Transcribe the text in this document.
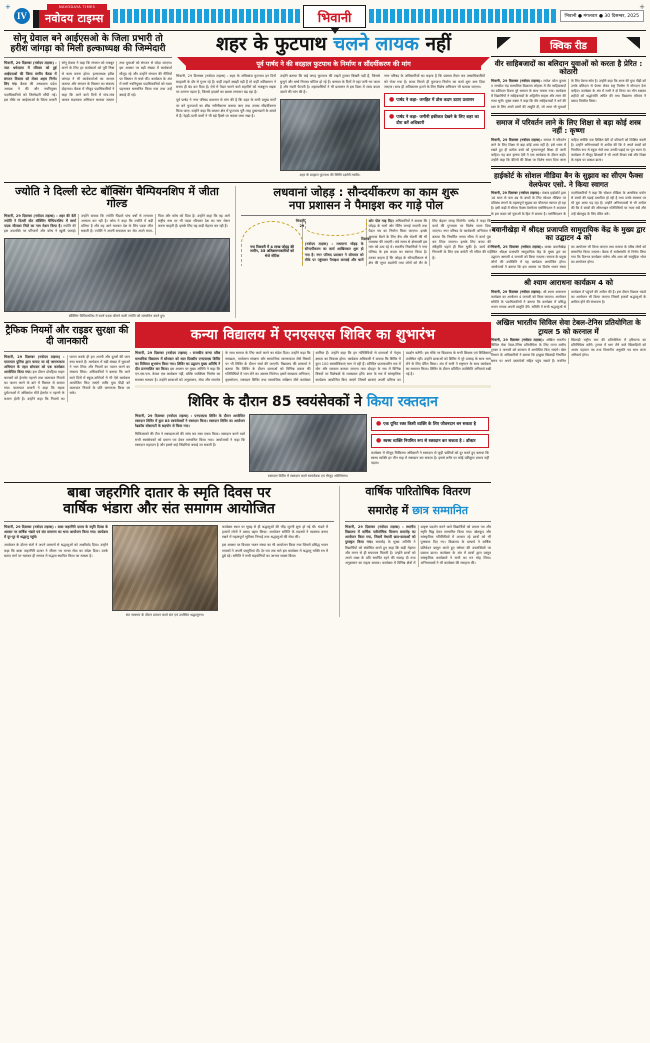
+	+
IV
NAVODAYA TIMES
नवोदय टाइम्स	भिवानी	भिवानी ● मंगलवार ● 30 दिसम्बर, 2025
क्विक रीड
वीर साहिबजादों का बलिदान युवाओं को करता है प्रेरित : कोठारी
भिवानी, 29 दिसम्बर (नवोदय टाइम्स): राजेश पटेल कुमार व जगदीश चंद्र माध्यमिक विद्यालय लोहारू में वीर साहिबजादों का बलिदान दिवस पूरे सम्मान के साथ मनाया गया। कार्यक्रम में विद्यार्थियों ने साहिबजादों के अद्वितीय साहस और त्याग की गाथा सुनी। मुख्य वक्ता ने कहा कि वीर साहिबजादों ने धर्म की रक्षा के लिए अपने प्राणों की आहुति दी, जो आज भी युवाओं के लिए प्रेरणा स्रोत है। उन्होंने कहा कि आज की युवा पीढ़ी को उनके बलिदान से प्रेरणा लेकर राष्ट्र निर्माण में योगदान देना चाहिए। कार्यक्रम के अंत में सभी ने दो मिनट का मौन रखकर शहीदों को श्रद्धांजलि अर्पित की तथा विद्यालय परिवार ने प्रसाद वितरित किया।
समाज में परिवर्तन लाने के लिए शिक्षा से बड़ा कोई शस्त्र नहीं : कृष्णा
भिवानी, 29 दिसम्बर (नवोदय टाइम्स): समाज में परिवर्तन लाने के लिए शिक्षा से बड़ा कोई शस्त्र नहीं है। इसे ध्यान में रखते हुए ही प्रत्येक बच्चे को गुणवत्तापूर्ण शिक्षा दी जानी चाहिए। यह बात कृष्णा देवी ने एक कार्यक्रम के दौरान कही। उन्होंने कहा कि बेटियों की शिक्षा पर विशेष ध्यान दिया जाना चाहिए क्योंकि एक शिक्षित बेटी दो परिवारों को शिक्षित करती है। उन्होंने अभिभावकों से अपील की कि वे अपने बच्चों को नियमित रूप से स्कूल भेजें तथा उनकी पढ़ाई पर पूरा ध्यान दें। कार्यक्रम में मौजूद शिक्षकों ने भी अपने विचार रखे और शिक्षा के महत्व पर प्रकाश डाला।
हाईकोर्ट के सोशल मीडिया बैन के सुझाव का सीएम फैक्स वेलफेयर एसो. ने किया स्वागत
भिवानी, 29 दिसम्बर (नवोदय टाइम्स): पंजाब हाईकोर्ट द्वारा 16 साल से कम उम्र के बच्चों के लिए सोशल मीडिया पर प्रतिबंध लगाने के महत्वपूर्ण सुझाव का चौतरफा स्वागत हो रहा है। इसी कड़ी में सीएम फैक्स वेलफेयर एसोसिएशन ने अदालत के इस कदम को युवाओं के हित में बताया है। एसोसिएशन के पदाधिकारियों ने कहा कि सोशल मीडिया के अत्यधिक प्रयोग से बच्चों की पढ़ाई प्रभावित हो रही है तथा उनके स्वास्थ्य पर भी बुरा असर पड़ रहा है। उन्होंने अभिभावकों से भी अपील की कि वे बच्चों की ऑनलाइन गतिविधियों पर नजर रखें और उन्हें खेलकूद के लिए प्रेरित करें।
बवानीखेड़ा में श्रीदक्ष प्रजापति सामुदायिक केंद्र के मुख्य द्वार का उद्घाटन 4 को
भिवानी, 29 दिसम्बर (नवोदय टाइम्स): कस्बा बवानीखेड़ा स्थित श्रीदक्ष प्रजापति सामुदायिक केंद्र के मुख्य द्वार का उद्घाटन आगामी 4 जनवरी को किया जाएगा। समाज के प्रमुख लोगों की उपस्थिति में यह कार्यक्रम आयोजित होगा। आयोजकों ने बताया कि इस अवसर पर विशेष भजन संध्या का आयोजन भी किया जाएगा तथा समाज के वरिष्ठ लोगों को सम्मानित किया जाएगा। बैठक में सर्वसम्मति से निर्णय लिया गया कि दिनभर कार्यक्रम चलेगा और शाम को सामूहिक भोज का आयोजन होगा।
श्री श्याम आराधना कार्यक्रम 4 को
भिवानी, 29 दिसम्बर (नवोदय टाइम्स): श्री श्याम आराधना कार्यक्रम का आयोजन 4 जनवरी को किया जाएगा। आयोजन समिति के पदाधिकारियों ने बताया कि कार्यक्रम में प्रसिद्ध भजन गायक अपनी प्रस्तुति देंगे। समिति ने सभी श्रद्धालुओं से कार्यक्रम में पहुंचने की अपील की है। इस दौरान विशाल भंडारे का आयोजन भी किया जाएगा जिसमें हजारों श्रद्धालुओं के शामिल होने की संभावना है।
अखिल भारतीय सिविल सेवा टेबल-टेनिस प्रतियोगिता के ट्रायल 5 को करनाल में
भिवानी, 29 दिसम्बर (नवोदय टाइम्स): अखिल भारतीय सिविल सेवा टेबल-टेनिस प्रतियोगिता के लिए राज्य स्तरीय ट्रायल 5 जनवरी को करनाल में आयोजित किए जाएंगे। खेल विभाग के अधिकारियों ने बताया कि इच्छुक खिलाड़ी निर्धारित समय पर अपने दस्तावेजों सहित पहुंच सकते हैं। चयनित खिलाड़ी राष्ट्रीय स्तर की प्रतियोगिता में हरियाणा का प्रतिनिधित्व करेंगे। ट्रायल में भाग लेने वाले खिलाड़ियों को अपना पहचान पत्र तथा विभागीय अनुमति पत्र साथ लाना अनिवार्य होगा।
सोनू ग्रेवाल बने आईएसओ के जिला प्रभारी तो हरीश जांगड़ा को मिली हल्काध्यक्ष की जिम्मेदारी
भिवानी, 29 दिसम्बर (नवोदय टाइम्स) : जाट धर्मशाला में रविवार को हुई आईएसओ की जिला स्तरीय बैठक में संगठन विस्तार को लेकर अहम निर्णय लिए गए। बैठक की अध्यक्षता प्रदेश अध्यक्ष ने की और नवनियुक्त पदाधिकारियों को जिम्मेदारी सौंपी गई। इस मौके पर आईएसओ के जिला प्रभारी सोनू ग्रेवाल ने कहा कि संगठन को मजबूत करने के लिए हर कार्यकर्ता को पूरी निष्ठा से काम करना होगा। हल्काध्यक्ष हरीश जांगड़ा ने भी कार्यकर्ताओं का आभार जताया और संगठन के विस्तार का संकल्प दोहराया। बैठक में मौजूद पदाधिकारियों ने कहा कि आने वाले दिनों में गांव-गांव जाकर सदस्यता अभियान चलाया जाएगा तथा युवाओं को संगठन से जोड़ा जाएगा। इस अवसर पर बड़ी संख्या में कार्यकर्ता मौजूद रहे और उन्होंने संगठन की नीतियों पर विस्तार से चर्चा की। कार्यक्रम के अंत में सभी नवनियुक्त पदाधिकारियों को माला पहनाकर सम्मानित किया गया तथा उन्हें बधाई दी गई।
शहर के फुटपाथ चलने लायक नहीं
पूर्व पार्षद ने की बदहाल फुटपाथ के निर्माण व सौंदर्यीकरण की मांग
भिवानी, 29 दिसम्बर (नवोदय टाइम्स) : शहर के अधिकांश फुटपाथ इन दिनों बदहाली के दौर से गुजर रहे हैं। कहीं टाइलें उखड़ी पड़ी हैं तो कहीं अतिक्रमण ने रास्ता ही बंद कर दिया है। ऐसे में पैदल चलने वाले राहगीरों को मजबूरन सड़क पर उतरना पड़ता है, जिससे हादसों का खतरा लगातार बढ़ रहा है।
पूर्व पार्षद ने नगर परिषद प्रशासन से मांग की है कि शहर के सभी प्रमुख मार्गों पर बने फुटपाथों का शीघ्र नवीनीकरण कराया जाए तथा उनका सौंदर्यीकरण किया जाए। उन्होंने कहा कि बाजार क्षेत्र में फुटपाथ पूरी तरह दुकानदारों के कब्जे में हैं। रेहड़ी-पटरी वालों ने भी बड़े हिस्से पर कब्जा जमा रखा है।
उन्होंने बताया कि कई जगह फुटपाथ की टाइलें टूटकर बिखरी पड़ी हैं, जिससे बुजुर्ग और बच्चे गिरकर चोटिल हो रहे हैं। बरसात के दिनों में यहां पानी भर जाता है और गंदगी फैलती है। शहरवासियों ने भी प्रशासन से इस दिशा में जल्द कदम उठाने की मांग की है।
शहर के बदहाल फुटपाथ की स्थिति दर्शाती तस्वीर।
नगर परिषद के अधिकारियों का कहना है कि प्रस्ताव तैयार कर उच्चाधिकारियों को भेजा गया है। बजट मिलते ही फुटपाथ निर्माण का कार्य शुरू करा दिया जाएगा। साथ ही अतिक्रमण हटाने के लिए विशेष अभियान भी चलाया जाएगा।
● पार्षद ने कहा- जनहित में ठोस कदम उठाए प्रशासन
● पार्षद ने कहा- जमीनी हकीकत देखने के लिए शहर का दौरा करें अधिकारी
ज्योति ने दिल्ली स्टेट बॉक्सिंग चैम्पियनशिप में जीता गोल्ड
भिवानी, 29 दिसम्बर (नवोदय टाइम्स) : शहर की बेटी ज्योति ने दिल्ली स्टेट बॉक्सिंग चैम्पियनशिप में स्वर्ण पदक जीतकर जिले का नाम रोशन किया है। ज्योति की इस उपलब्धि पर परिजनों और कोच ने खुशी जताई। उन्होंने बताया कि ज्योति पिछले पांच वर्षों से लगातार अभ्यास कर रही है। कोच ने कहा कि ज्योति में बड़ी प्रतिभा है और वह आगे चलकर देश के लिए पदक जीत सकती है। ज्योति ने अपनी सफलता का श्रेय अपने माता-पिता और कोच को दिया है। उन्होंने कहा कि वह आगे राष्ट्रीय स्तर पर भी पदक जीतकर देश का नाम रोशन करना चाहती हैं। इसके लिए वह कड़ी मेहनत कर रही हैं।
बॉक्सिंग चैम्पियनशिप में स्वर्ण पदक जीतने वाली ज्योति को सम्मानित करते हुए।
लधवानां जोहड़ : सौन्दर्यीकरण का काम शुरू
नपा प्रशासन ने पैमाइश कर गाड़े पोल
नपा रिकवरी में 4 लाख जोहड़ की जमीन, 35 अतिक्रमणकारियों को भेजे नोटिस
भिवानी, 29 दिसम्बर (नवोदय टाइम्स) : लधवानां जोहड़ के सौन्दर्यीकरण का कार्य आखिरकार शुरू हो गया है। नगर परिषद प्रशासन ने सोमवार को मौके पर पहुंचकर पैमाइश करवाई और चारों ओर पोल गाड़ दिए। अधिकारियों ने बताया कि जोहड़ के चारों ओर रेलिंग लगाई जाएगी तथा पैदल पथ का निर्माण किया जाएगा। इसके अलावा बैठने के लिए बेंच और रोशनी की भी व्यवस्था की जाएगी। लंबे समय से क्षेत्रवासी इस मांग को उठा रहे थे। स्थानीय निवासियों ने नगर परिषद के इस कदम का स्वागत किया है। उनका कहना है कि जोहड़ के सौन्दर्यीकरण से क्षेत्र की सूरत बदलेगी तथा लोगों को सैर के लिए बेहतर जगह मिलेगी। पार्षद ने कहा कि कार्य की गुणवत्ता पर विशेष ध्यान दिया जाएगा। नगर परिषद के कार्यकारी अभियंता ने बताया कि निर्धारित समय सीमा में कार्य पूरा कर लिया जाएगा। इसके लिए बजट की स्वीकृति पहले ही मिल चुकी है। कार्य की निगरानी के लिए एक कमेटी भी गठित की गई है।
ट्रैफिक नियमों और राइडर सुरक्षा की दी जानकारी
भिवानी, 29 दिसम्बर (नवोदय टाइम्स) : यातायात पुलिस द्वारा चलाए जा रहे जागरूकता अभियान के तहत सोमवार को एक कार्यक्रम आयोजित किया गया। इस दौरान दोपहिया वाहन चालकों को हेलमेट पहनने तथा यातायात नियमों का पालन करने के बारे में विस्तार से बताया गया। यातायात प्रभारी ने कहा कि सड़क दुर्घटनाओं में अधिकांश मौतें हेलमेट न पहनने के कारण होती हैं। उन्होंने कहा कि नियमों का पालन करके ही हम अपनी और दूसरों की जान बचा सकते हैं। कार्यक्रम में बड़ी संख्या में युवाओं ने भाग लिया और नियमों का पालन करने का संकल्प लिया। अधिकारियों ने बताया कि आने वाले दिनों में स्कूल-कॉलेजों में भी ऐसे कार्यक्रम आयोजित किए जाएंगे ताकि युवा पीढ़ी को यातायात नियमों के प्रति जागरूक किया जा सके।
कन्या विद्यालय में एनएसएस शिविर का शुभारंभ
भिवानी, 29 दिसम्बर (नवोदय टाइम्स) : राजकीय कन्या वरिष्ठ माध्यमिक विद्यालय में सोमवार को सात दिवसीय एनएसएस शिविर का विधिवत शुभारंभ किया गया। शिविर का उद्घाटन मुख्य अतिथि ने दीप प्रज्ज्वलित कर किया। इस अवसर पर मुख्य अतिथि ने कहा कि एन.एस.एस. केवल एक कार्यक्रम नहीं, बल्कि व्यक्तित्व निर्माण का सशक्त माध्यम है। उन्होंने छात्राओं को अनुशासन, सेवा और समर्पण के साथ समाज के लिए कार्य करने का संदेश दिया। उन्होंने कहा कि स्वच्छता, पर्यावरण संरक्षण और सामाजिक जागरूकता जैसे विषयों पर भी शिविर के दौरान चर्चा की जाएगी। विद्यालय की प्राचार्या ने बताया कि शिविर के दौरान छात्राओं को विभिन्न प्रकार की गतिविधियों में भाग लेने का अवसर मिलेगा। इसमें स्वच्छता अभियान, वृक्षारोपण, रक्तदान शिविर तथा सामाजिक सर्वेक्षण जैसे कार्यक्रम शामिल हैं। उन्होंने कहा कि इन गतिविधियों से छात्राओं में नेतृत्व क्षमता का विकास होगा। कार्यक्रम अधिकारी ने बताया कि शिविर में कुल 100 स्वयंसेविकाएं भाग ले रही हैं। प्रतिदिन प्रातःकालीन सत्र में योग और व्यायाम कराया जाएगा तथा दोपहर के सत्र में विभिन्न विषयों पर विशेषज्ञों के व्याख्यान होंगे। शाम के सत्र में सांस्कृतिक कार्यक्रम आयोजित किए जाएंगे जिसमें छात्राएं अपनी प्रतिभा का प्रदर्शन करेंगी। इस मौके पर विद्यालय के सभी शिक्षक एवं शिक्षिकाएं उपस्थित रहीं। उन्होंने छात्राओं को शिविर में पूरे उत्साह के साथ भाग लेने के लिए प्रेरित किया। अंत में सभी ने राष्ट्रगान के साथ कार्यक्रम का समापन किया। शिविर के दौरान प्रतिदिन उपस्थिति अनिवार्य रखी गई है।
शिविर के दौरान 85 स्वयंसेवकों ने किया रक्तदान
भिवानी, 29 दिसम्बर (नवोदय टाइम्स) : एनएसएस शिविर के दौरान आयोजित रक्तदान शिविर में कुल 85 स्वयंसेवकों ने रक्तदान किया। रक्तदान शिविर का आयोजन रेडक्रॉस सोसायटी के सहयोग से किया गया।
चिकित्सकों की टीम ने रक्तदाताओं की जांच कर रक्त एकत्र किया। रक्तदान करने वाले सभी स्वयंसेवकों को प्रमाण पत्र देकर सम्मानित किया गया। आयोजकों ने कहा कि रक्तदान महादान है और इससे कई जिंदगियां बचाई जा सकती हैं।
रक्तदान शिविर में रक्तदान करते स्वयंसेवक एवं मौजूद अतिथिगण।
● एक यूनिट रक्त किसी व्यक्ति के लिए जीवनदान बन सकता है
● स्वस्थ व्यक्ति नियमित रूप से रक्तदान कर सकता है : डॉक्टर
कार्यक्रम में मौजूद चिकित्सा अधिकारी ने रक्तदान से जुड़ी भ्रांतियों को दूर करते हुए बताया कि स्वस्थ व्यक्ति हर तीन माह में रक्तदान कर सकता है। इससे शरीर पर कोई प्रतिकूल प्रभाव नहीं पड़ता।
बाबा जहरगिरि दातार के स्मृति दिवस पर
वार्षिक भंडारा और संत समागम आयोजित
भिवानी, 29 दिसम्बर (नवोदय टाइम्स) : बाबा जहरगिरि दातार के स्मृति दिवस के अवसर पर वार्षिक भंडारे एवं संत समागम का भव्य आयोजन किया गया। कार्यक्रम में दूर-दूर से श्रद्धालु पहुंचे।
आयोजन के दौरान संतों ने अपने प्रवचनों से श्रद्धालुओं को आशीर्वाद दिया। उन्होंने कहा कि बाबा जहरगिरि दातार ने जीवन भर मानव सेवा का संदेश दिया। उनके बताए मार्ग पर चलकर ही समाज में सद्भाव स्थापित किया जा सकता है।
संत समागम के दौरान प्रवचन करते संत एवं उपस्थित श्रद्धालुगण।
कार्यक्रम स्थल पर सुबह से ही श्रद्धालुओं की भीड़ जुटनी शुरू हो गई थी। भंडारे में हजारों लोगों ने प्रसाद ग्रहण किया। आयोजन समिति के सदस्यों ने व्यवस्था बनाए रखने में महत्वपूर्ण भूमिका निभाई तथा श्रद्धालुओं की सेवा की।
इस अवसर पर विशाल भजन संध्या का भी आयोजन किया गया जिसमें प्रसिद्ध भजन गायकों ने अपनी प्रस्तुतियां दीं। देर रात तक चले इस कार्यक्रम में श्रद्धालु भक्ति रस में डूबे रहे। समिति ने सभी सहयोगियों का आभार व्यक्त किया।
वार्षिक पारितोषिक वितरण
समारोह में छात्र सम्मानित
भिवानी, 29 दिसम्बर (नवोदय टाइम्स) : स्थानीय विद्यालय में वार्षिक पारितोषिक वितरण समारोह का आयोजन किया गया, जिसमें मेधावी छात्र-छात्राओं को पुरस्कृत किया गया। समारोह के मुख्य अतिथि ने विद्यार्थियों को संबोधित करते हुए कहा कि कड़ी मेहनत और लगन से ही सफलता मिलती है। उन्होंने छात्रों को अपने लक्ष्य के प्रति समर्पित रहने की सलाह दी तथा अनुशासन का महत्व बताया। कार्यक्रम में विभिन्न क्षेत्रों में उत्कृष्ट प्रदर्शन करने वाले विद्यार्थियों को प्रमाण पत्र और स्मृति चिह्न देकर सम्मानित किया गया। खेलकूद और सांस्कृतिक गतिविधियों में अव्वल रहे छात्रों को भी पुरस्कार दिए गए। विद्यालय के प्राचार्य ने वार्षिक प्रतिवेदन प्रस्तुत करते हुए वर्षभर की उपलब्धियों पर प्रकाश डाला। कार्यक्रम के अंत में छात्रों द्वारा प्रस्तुत सांस्कृतिक कार्यक्रमों ने सभी का मन मोह लिया। अभिभावकों ने भी कार्यक्रम की सराहना की।
